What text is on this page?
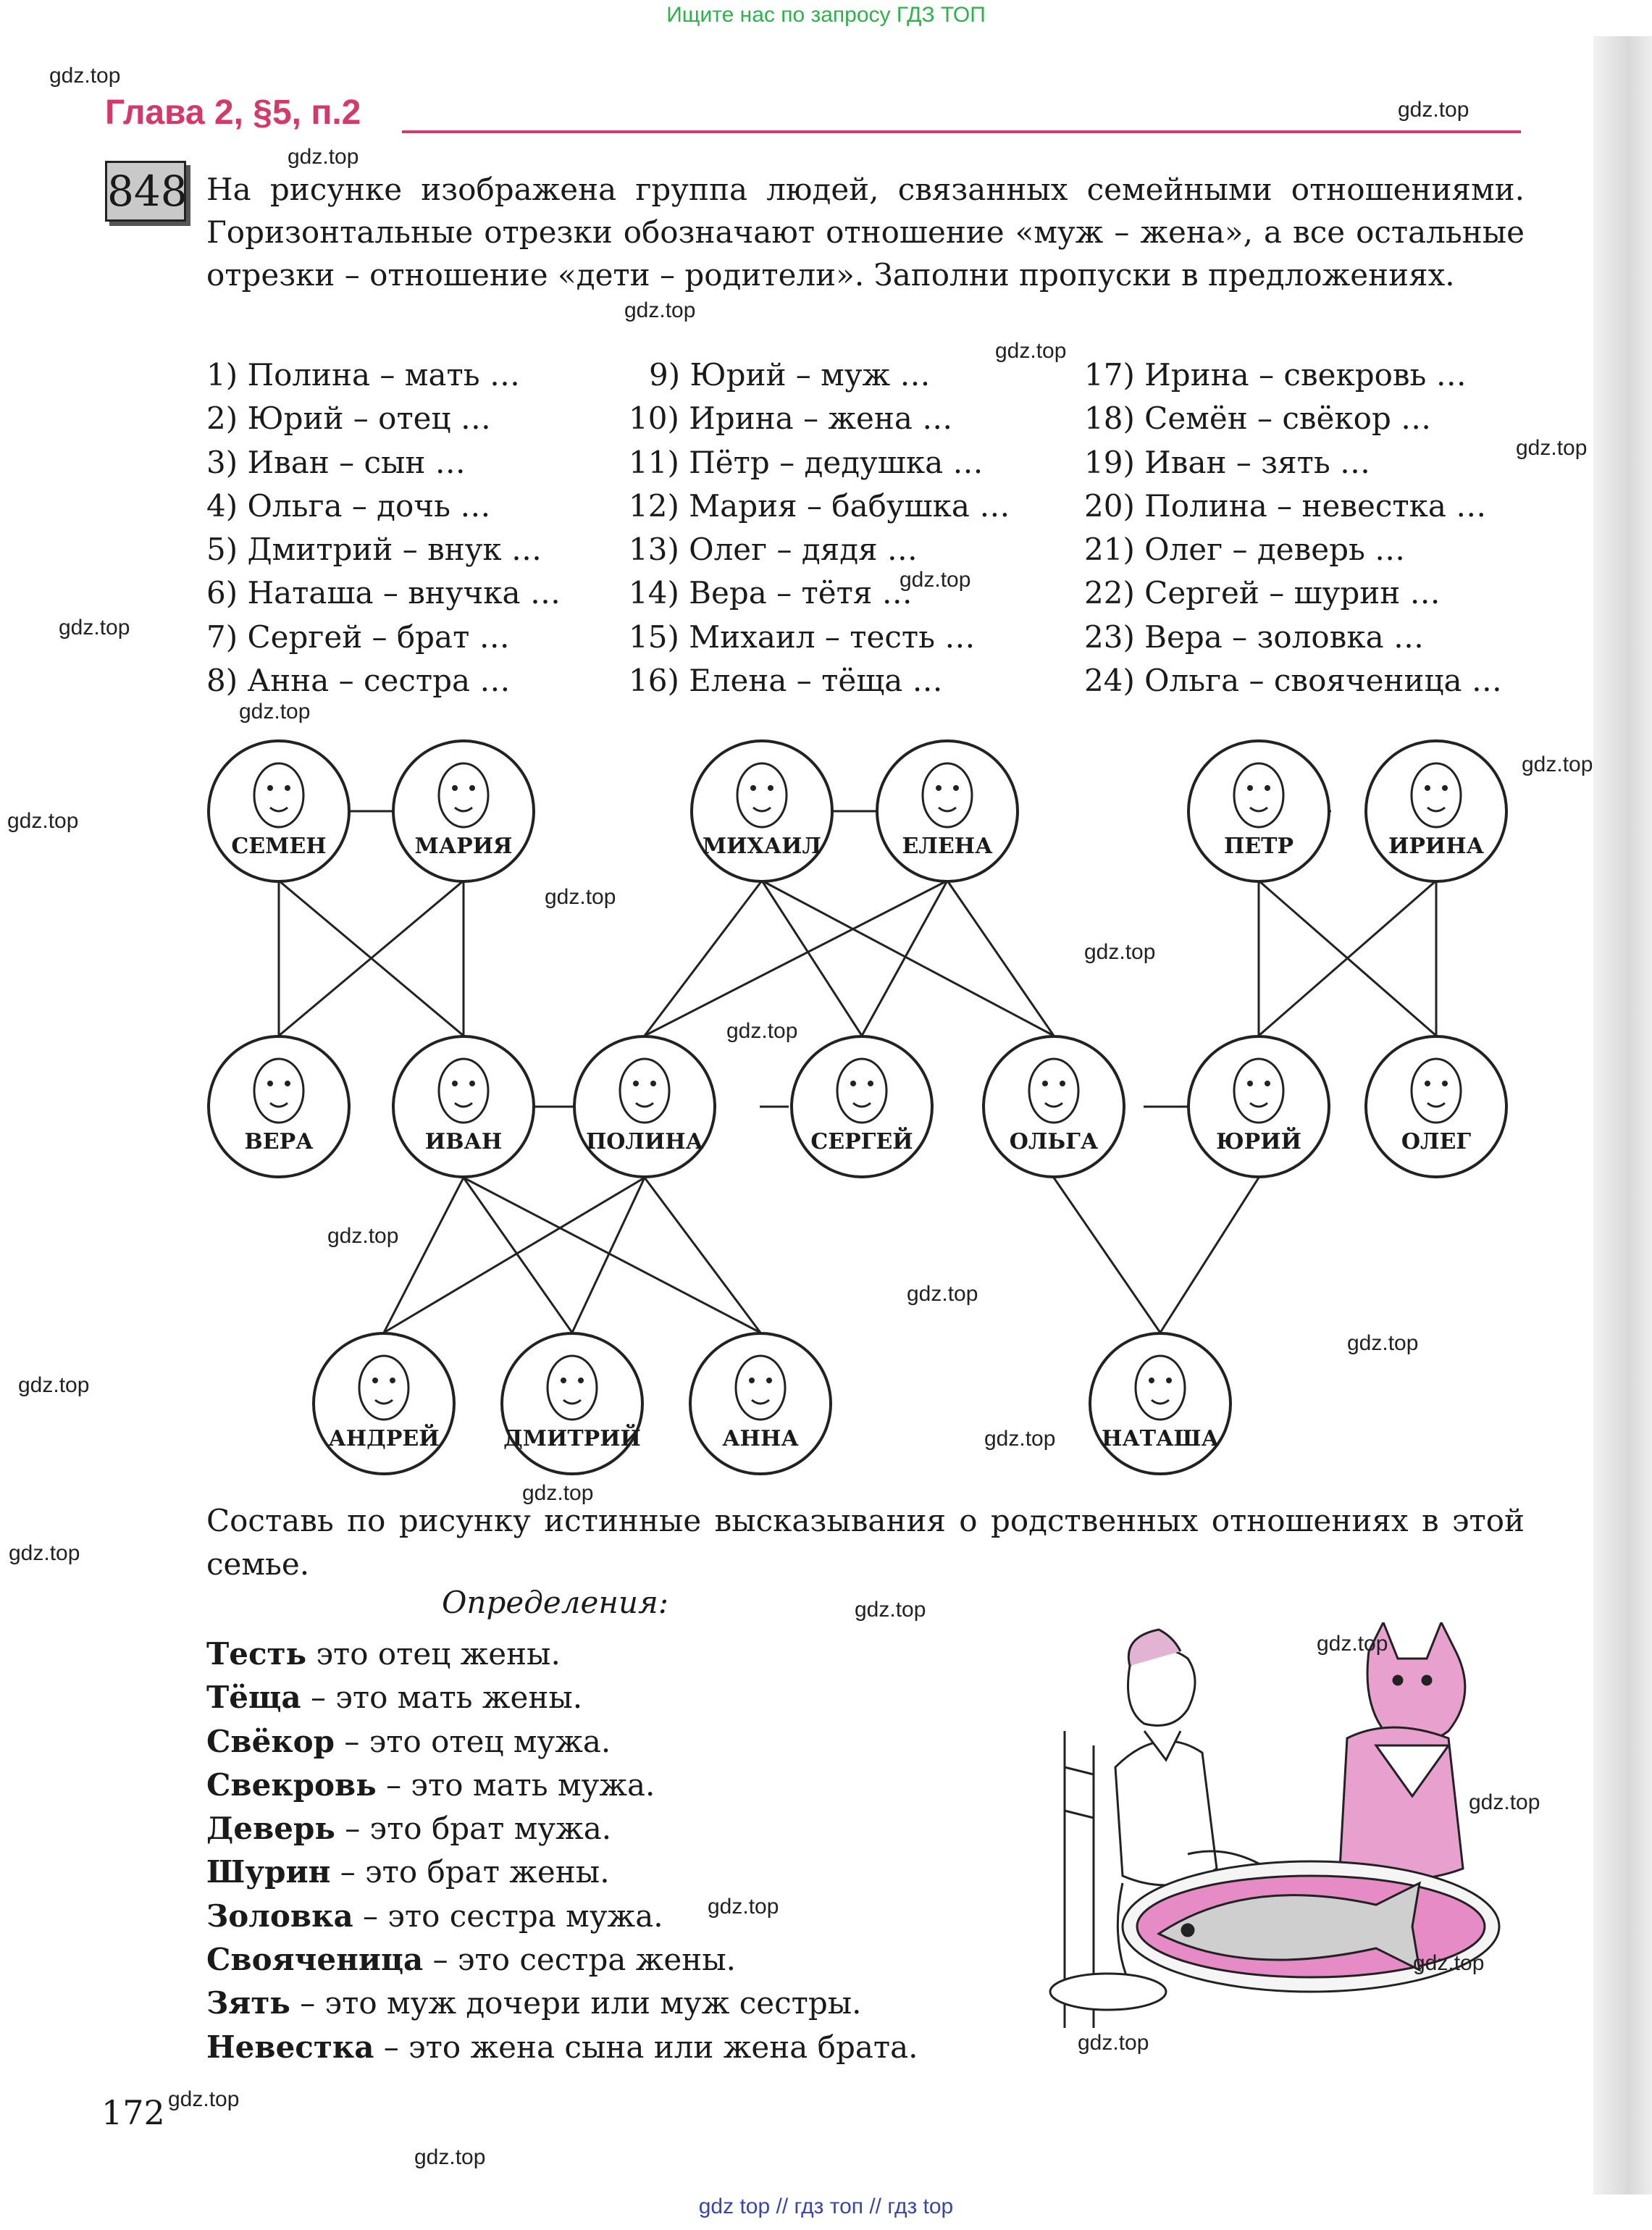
Ищите нас по запросу ГДЗ ТОП
Глава 2, §5, п.2
848 На рисунке изображена группа людей, связанных семейными отношениями. Горизонтальные отрезки обозначают отношение «муж – жена», а все остальные отрезки – отношение «дети – родители». Заполни пропуски в предложениях.
1) Полина – мать …
2) Юрий – отец …
3) Иван – сын …
4) Ольга – дочь …
5) Дмитрий – внук …
6) Наташа – внучка …
7) Сергей – брат …
8) Анна – сестра …
9) Юрий – муж …
10) Ирина – жена …
11) Пётр – дедушка …
12) Мария – бабушка …
13) Олег – дядя …
14) Вера – тётя …
15) Михаил – тесть …
16) Елена – тёща …
17) Ирина – свекровь …
18) Семён – свёкор …
19) Иван – зять …
20) Полина – невестка …
21) Олег – деверь …
22) Сергей – шурин …
23) Вера – золовка …
24) Ольга – свояченица …
СЕМЕН	МАРИЯ	МИХАИЛ	ЕЛЕНА	ПЕТР	ИРИНА
ВЕРА	ИВАН	ПОЛИНА	СЕРГЕЙ	ОЛЬГА	ЮРИЙ	ОЛЕГ
АНДРЕЙ	ДМИТРИЙ	АННА	НАТАША
Составь по рисунку истинные высказывания о родственных отношениях в этой семье.
Определения:
Тесть это отец жены.
Тёща – это мать жены.
Свёкор – это отец мужа.
Свекровь – это мать мужа.
Деверь – это брат мужа.
Шурин – это брат жены.
Золовка – это сестра мужа.
Свояченица – это сестра жены.
Зять – это муж дочери или муж сестры.
Невестка – это жена сына или жена брата.
172
gdz.top
gdz.top
gdz.top
gdz.top
gdz.top
gdz.top
gdz.top
gdz.top
gdz.top
gdz.top
gdz.top
gdz.top
gdz.top
gdz.top
gdz.top
gdz.top
gdz.top
gdz.top
gdz.top
gdz.top
gdz.top
gdz.top
gdz.top
gdz.top
gdz.top
gdz.top
gdz.top
gdz.top
gdz.top
gdz top // гдз топ // гдз top
